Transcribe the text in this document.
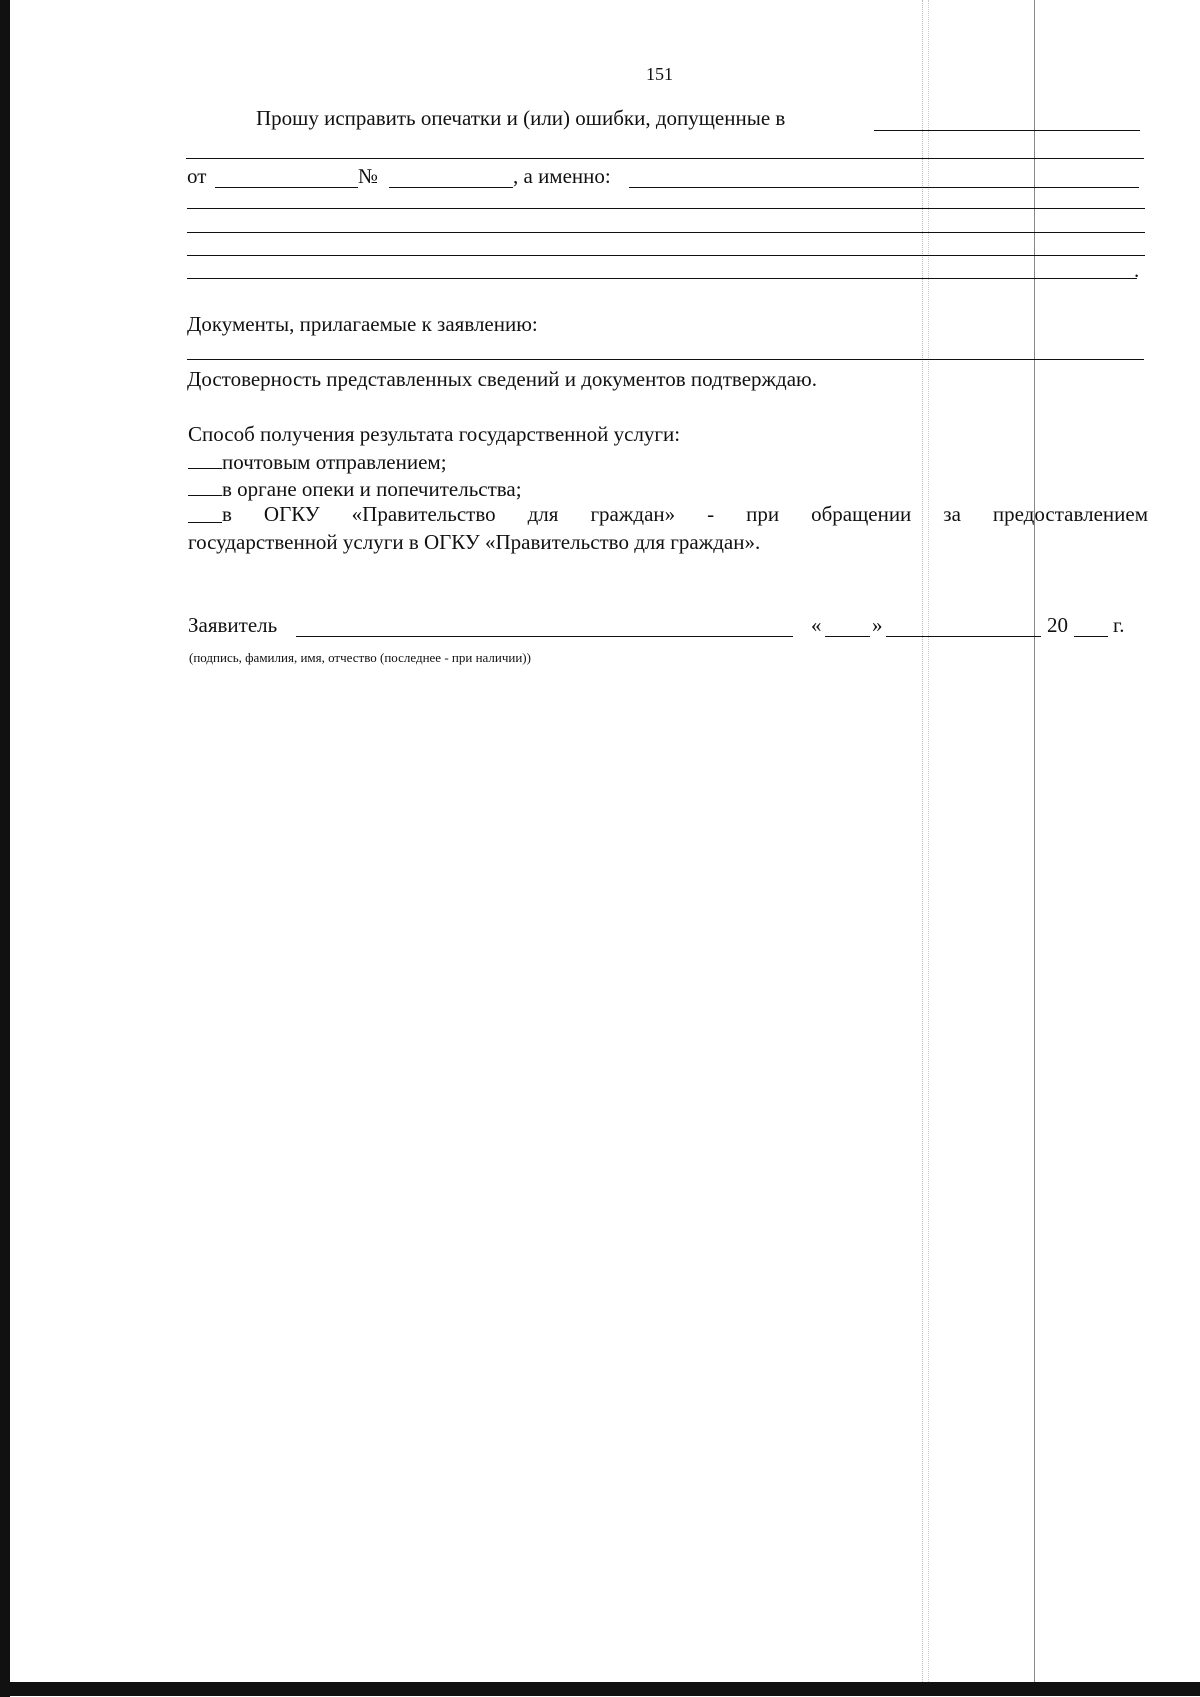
151
Прошу исправить опечатки и (или) ошибки, допущенные в
от	№	, а именно:
.
Документы, прилагаемые к заявлению:
Достоверность представленных сведений и документов подтверждаю.
Способ получения результата государственной услуги:
почтовым отправлением;
в органе опеки и попечительства;
в ОГКУ «Правительство для граждан» - при обращении за предоставлением
государственной услуги в ОГКУ «Правительство для граждан».
Заявитель	« »	20 г.
(подпись, фамилия, имя, отчество (последнее - при наличии))
